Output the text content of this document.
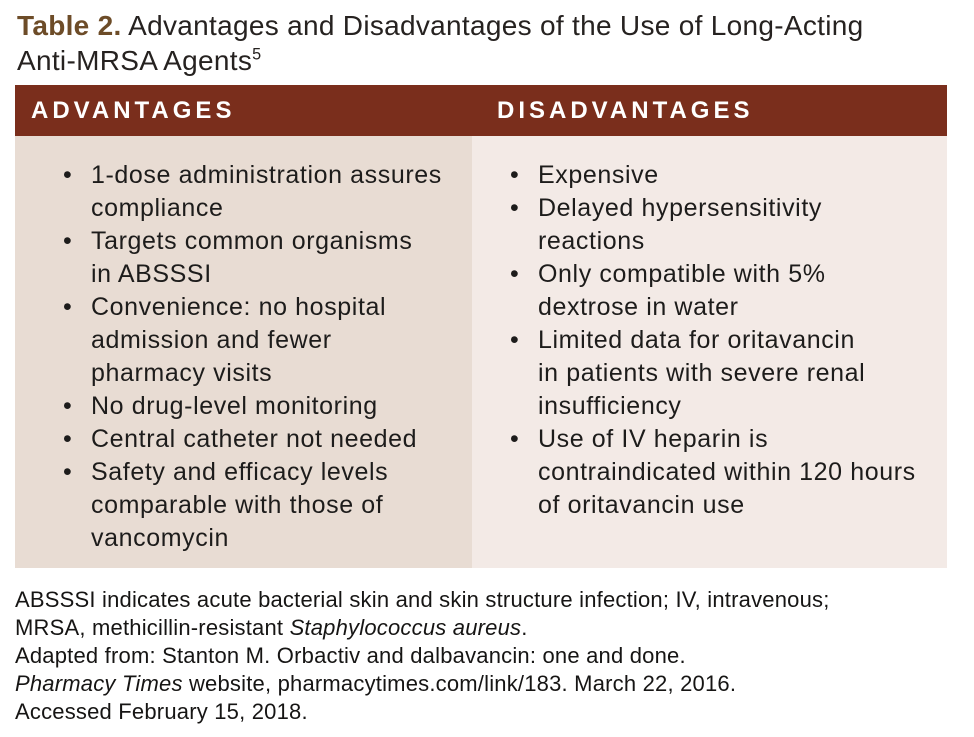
Table 2. Advantages and Disadvantages of the Use of Long-Acting
Anti-MRSA Agents$^5$
ADVANTAGES	DISADVANTAGES
• 1-dose administration assures
compliance
• Targets common organisms
in ABSSSI
• Convenience: no hospital
admission and fewer
pharmacy visits
• No drug-level monitoring
• Central catheter not needed
• Safety and efficacy levels
comparable with those of
vancomycin
• Expensive
• Delayed hypersensitivity
reactions
• Only compatible with 5%
dextrose in water
• Limited data for oritavancin
in patients with severe renal
insufficiency
• Use of IV heparin is
contraindicated within 120 hours
of oritavancin use
ABSSSI indicates acute bacterial skin and skin structure infection; IV, intravenous;
MRSA, methicillin-resistant Staphylococcus aureus.
Adapted from: Stanton M. Orbactiv and dalbavancin: one and done.
Pharmacy Times website, pharmacytimes.com/link/183. March 22, 2016.
Accessed February 15, 2018.
